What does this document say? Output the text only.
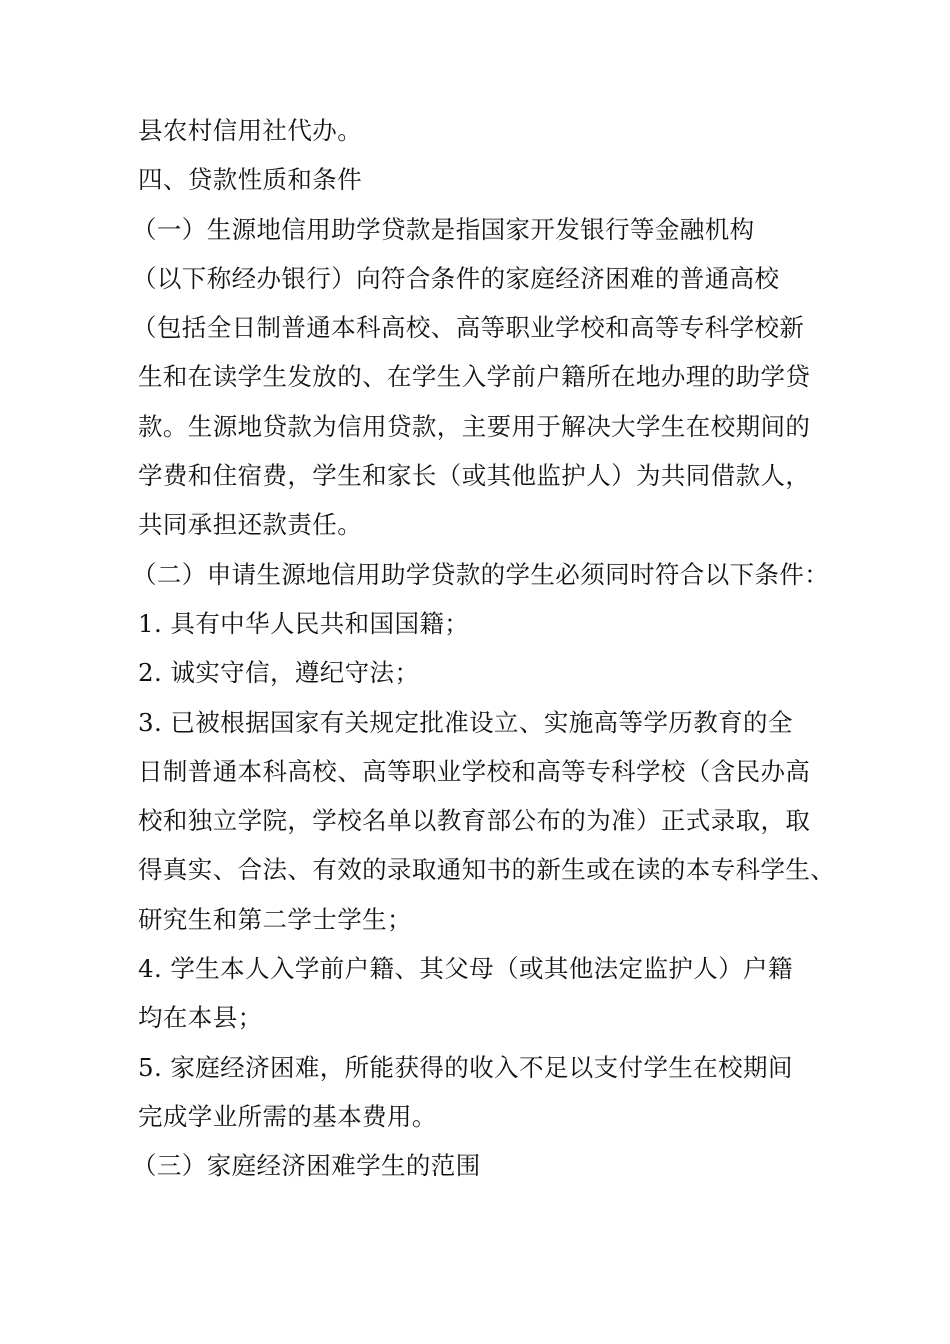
县农村信用社代办。
四、贷款性质和条件
（一）生源地信用助学贷款是指国家开发银行等金融机构
（以下称经办银行）向符合条件的家庭经济困难的普通高校
（包括全日制普通本科高校、高等职业学校和高等专科学校新
生和在读学生发放的、在学生入学前户籍所在地办理的助学贷
款。生源地贷款为信用贷款，主要用于解决大学生在校期间的
学费和住宿费，学生和家长（或其他监护人）为共同借款人，
共同承担还款责任。
（二）申请生源地信用助学贷款的学生必须同时符合以下条件：
1. 具有中华人民共和国国籍；
2. 诚实守信，遵纪守法；
3. 已被根据国家有关规定批准设立、实施高等学历教育的全
日制普通本科高校、高等职业学校和高等专科学校（含民办高
校和独立学院，学校名单以教育部公布的为准）正式录取，取
得真实、合法、有效的录取通知书的新生或在读的本专科学生、
研究生和第二学士学生；
4. 学生本人入学前户籍、其父母（或其他法定监护人）户籍
均在本县；
5. 家庭经济困难，所能获得的收入不足以支付学生在校期间
完成学业所需的基本费用。
（三）家庭经济困难学生的范围
